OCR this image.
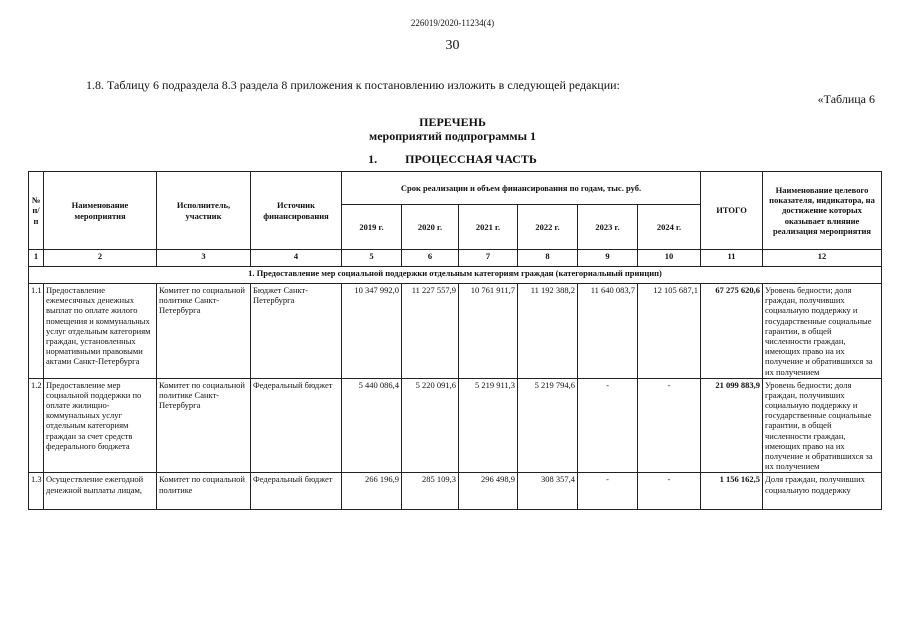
226019/2020-11234(4)
30
1.8. Таблицу 6 подраздела 8.3 раздела 8 приложения к постановлению изложить в следующей редакции:
«Таблица 6
ПЕРЕЧЕНЬ
мероприятий подпрограммы 1
1. ПРОЦЕССНАЯ ЧАСТЬ
№ п/п	Наименование мероприятия	Исполнитель, участник	Источник финансирования	Срок реализации и объем финансирования по годам, тыс. руб.						ИТОГО	Наименование целевого показателя, индикатора, на достижение которых оказывает влияние реализация мероприятия
				2019 г.	2020 г.	2021 г.	2022 г.	2023 г.	2024 г.		
1	2	3	4	5	6	7	8	9	10	11	12
1. Предоставление мер социальной поддержки отдельным категориям граждан (категориальный принцип)											
1.1	Предоставление ежемесячных денежных выплат по оплате жилого помещения и коммунальных услуг отдельным категориям граждан, установленных нормативными правовыми актами Санкт-Петербурга	Комитет по социальной политике Санкт-Петербурга	Бюджет Санкт-Петербурга	10 347 992,0	11 227 557,9	10 761 911,7	11 192 388,2	11 640 083,7	12 105 687,1	67 275 620,6	Уровень бедности; доля граждан, получивших социальную поддержку и государственные социальные гарантии, в общей численности граждан, имеющих право на их получение и обратившихся за их получением
1.2	Предоставление мер социальной поддержки по оплате жилищно-коммунальных услуг отдельным категориям граждан за счет средств федерального бюджета	Комитет по социальной политике Санкт-Петербурга	Федеральный бюджет	5 440 086,4	5 220 091,6	5 219 911,3	5 219 794,6	-	-	21 099 883,9	Уровень бедности; доля граждан, получивших социальную поддержку и государственные социальные гарантии, в общей численности граждан, имеющих право на их получение и обратившихся за их получением
1.3	Осуществление ежегодной денежной выплаты лицам,	Комитет по социальной политике	Федеральный бюджет	266 196,9	285 109,3	296 498,9	308 357,4	-	-	1 156 162,5	Доля граждан, получивших социальную поддержку
